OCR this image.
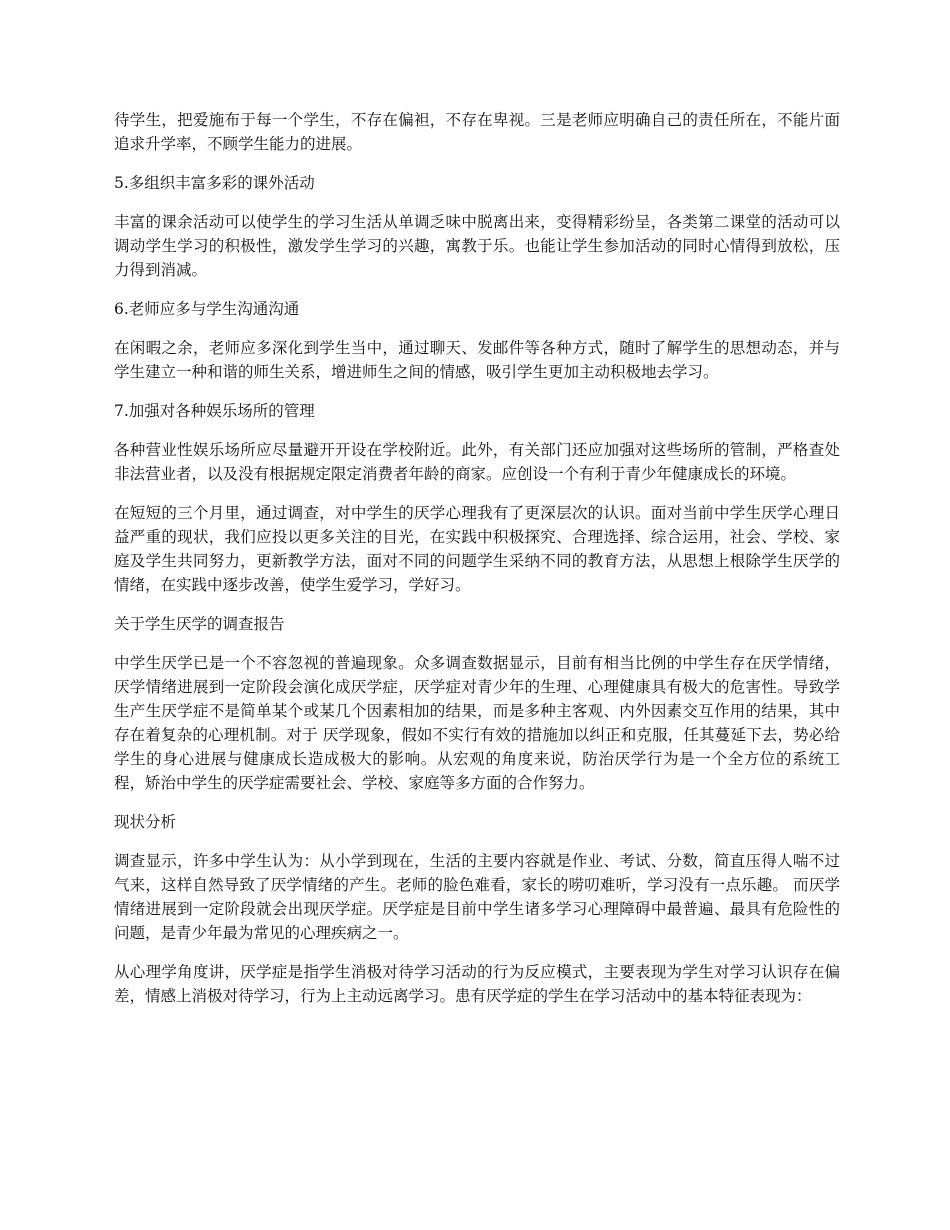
待学生，把爱施布于每一个学生，不存在偏袒，不存在卑视。三是老师应明确自己的责任所在，不能片面追求升学率，不顾学生能力的进展。

5.多组织丰富多彩的课外活动

丰富的课余活动可以使学生的学习生活从单调乏味中脱离出来，变得精彩纷呈，各类第二课堂的活动可以调动学生学习的积极性，激发学生学习的兴趣，寓教于乐。也能让学生参加活动的同时心情得到放松，压力得到消减。

6.老师应多与学生沟通沟通

在闲暇之余，老师应多深化到学生当中，通过聊天、发邮件等各种方式，随时了解学生的思想动态，并与学生建立一种和谐的师生关系，增进师生之间的情感，吸引学生更加主动积极地去学习。

7.加强对各种娱乐场所的管理

各种营业性娱乐场所应尽量避开开设在学校附近。此外，有关部门还应加强对这些场所的管制，严格查处非法营业者，以及没有根据规定限定消费者年龄的商家。应创设一个有利于青少年健康成长的环境。

在短短的三个月里，通过调查，对中学生的厌学心理我有了更深层次的认识。面对当前中学生厌学心理日益严重的现状，我们应投以更多关注的目光，在实践中积极探究、合理选择、综合运用，社会、学校、家庭及学生共同努力，更新教学方法，面对不同的问题学生采纳不同的教育方法，从思想上根除学生厌学的情绪，在实践中逐步改善，使学生爱学习，学好习。

关于学生厌学的调查报告

中学生厌学已是一个不容忽视的普遍现象。众多调查数据显示，目前有相当比例的中学生存在厌学情绪，厌学情绪进展到一定阶段会演化成厌学症，厌学症对青少年的生理、心理健康具有极大的危害性。导致学生产生厌学症不是简单某个或某几个因素相加的结果，而是多种主客观、内外因素交互作用的结果，其中存在着复杂的心理机制。对于 厌学现象，假如不实行有效的措施加以纠正和克服，任其蔓延下去，势必给学生的身心进展与健康成长造成极大的影响。从宏观的角度来说，防治厌学行为是一个全方位的系统工程，矫治中学生的厌学症需要社会、学校、家庭等多方面的合作努力。

现状分析

调查显示，许多中学生认为：从小学到现在，生活的主要内容就是作业、考试、分数，简直压得人喘不过气来，这样自然导致了厌学情绪的产生。老师的脸色难看，家长的唠叨难听，学习没有一点乐趣。 而厌学情绪进展到一定阶段就会出现厌学症。厌学症是目前中学生诸多学习心理障碍中最普遍、最具有危险性的问题，是青少年最为常见的心理疾病之一。

从心理学角度讲，厌学症是指学生消极对待学习活动的行为反应模式，主要表现为学生对学习认识存在偏差，情感上消极对待学习，行为上主动远离学习。患有厌学症的学生在学习活动中的基本特征表现为：
